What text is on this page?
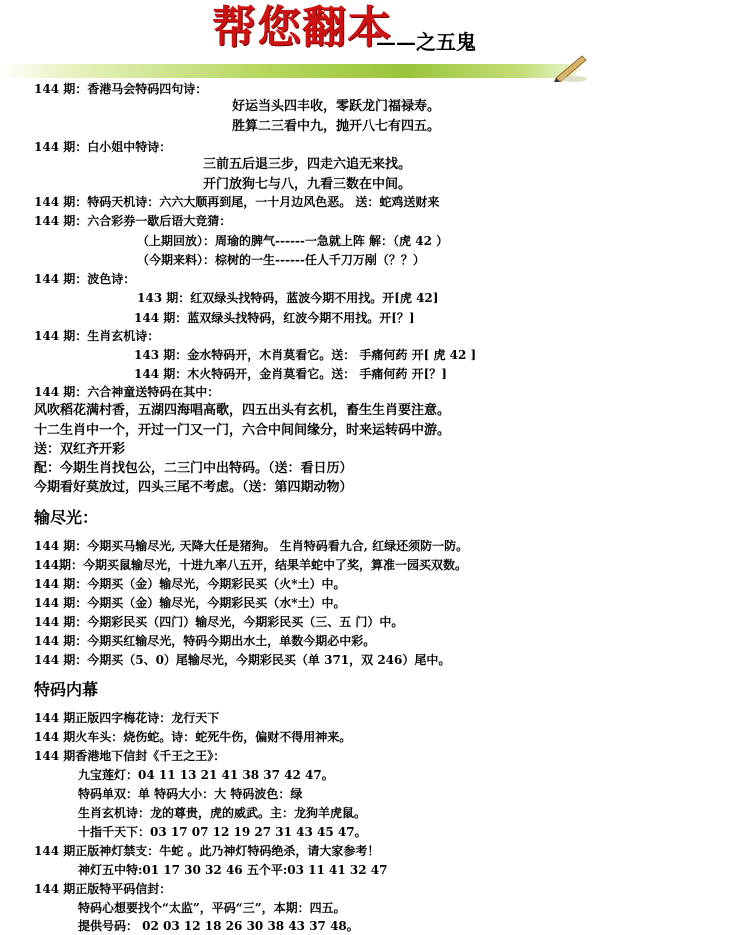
帮您翻本
——之五鬼
144 期：香港马会特码四句诗：
好运当头四丰收，零跃龙门福禄寿。
胜算二三看中九，抛开八七有四五。
144 期：白小姐中特诗：
三前五后退三步，四走六追无来找。
开门放狗七与八，九看三数在中间。
144 期：特码天机诗：六六大顺再到尾，一十月边风色恶。 送：蛇鸡送财来
144 期：六合彩券一歇后语大竞猜：
（上期回放）：周瑜的脾气------一急就上阵 解：（虎 42 ）
（今期来料）：棕树的一生------任人千刀万剐（？？）
144 期：波色诗：
143 期：红双绿头找特码，蓝波今期不用找。开[虎 42]
144 期：蓝双绿头找特码，红波今期不用找。开[？]
144 期：生肖玄机诗：
143 期：金水特码开，木肖莫看它。送： 手痛何药 开[ 虎 42 ]
144 期：木火特码开，金肖莫看它。送： 手痛何药 开[？]
144 期：六合神童送特码在其中：
风吹稻花满村香，五湖四海唱高歌，四五出头有玄机，畜生生肖要注意。
十二生肖中一个，开过一门又一门，六合中间间缘分，时来运转码中游。
送：双红齐开彩
配：今期生肖找包公，二三门中出特码。（送：看日历）
今期看好莫放过，四头三尾不考虑。（送：第四期动物）
输尽光：
144 期：今期买马输尽光, 天降大任是猪狗。 生肖特码看九合, 红绿还须防一防。
144期：今期买鼠输尽光，十进九率八五开，结果羊蛇中了奖，算准一园买双数。
144 期：今期买（金）输尽光，今期彩民买（火*土）中。
144 期：今期买（金）输尽光，今期彩民买（水*土）中。
144 期：今期彩民买（四门）输尽光，今期彩民买（三、五 门）中。
144 期：今期买红输尽光，特码今期出水土，单数今期必中彩。
144 期：今期买（5、0）尾输尽光，今期彩民买（单 371，双 246）尾中。
特码内幕
144 期正版四字梅花诗：龙行天下
144 期火车头：烧伤蛇。诗：蛇死牛伤，偏财不得用神来。
144 期香港地下信封《千王之王》：
九宝莲灯：04 11 13 21 41 38 37 42 47。
特码单双：单 特码大小：大 特码波色：绿
生肖玄机诗：龙的尊贵，虎的威武。主：龙狗羊虎鼠。
十指千天下：03 17 07 12 19 27 31 43 45 47。
144 期正版神灯禁支：牛蛇 。此乃神灯特码绝杀，请大家参考！
神灯五中特:01 17 30 32 46 五个平:03 11 41 32 47
144 期正版特平码信封：
特码心想要找个“太监”，平码“三”，本期：四五。
提供号码： 02 03 12 18 26 30 38 43 37 48。
